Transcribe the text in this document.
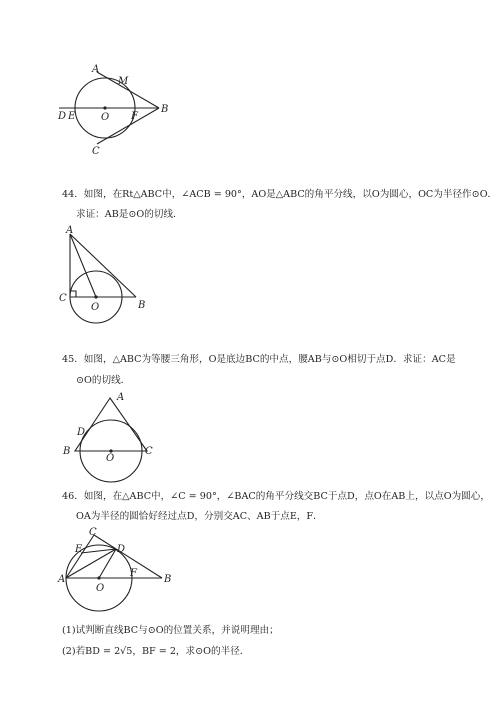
A
M
B
D E	O F
C
44．如图，在Rt△ABC中，∠ACB = 90°，AO是△ABC的角平分线，以O为圆心，OC为半径作⊙O．
求证：AB是⊙O的切线．
A
C
O	B
45．如图，△ABC为等腰三角形，O是底边BC的中点，腰AB与⊙O相切于点D．求证：AC是
⊙O的切线．
A
D
B
O
C
46．如图，在△ABC中，∠C = 90°，∠BAC的角平分线交BC于点D，点O在AB上，以点O为圆心，
OA为半径的圆恰好经过点D，分别交AC、AB于点E，F．
C
E	D
A
O
F
B
(1)试判断直线BC与⊙O的位置关系，并说明理由；
(2)若BD = 2√5，BF = 2，求⊙O的半径．
